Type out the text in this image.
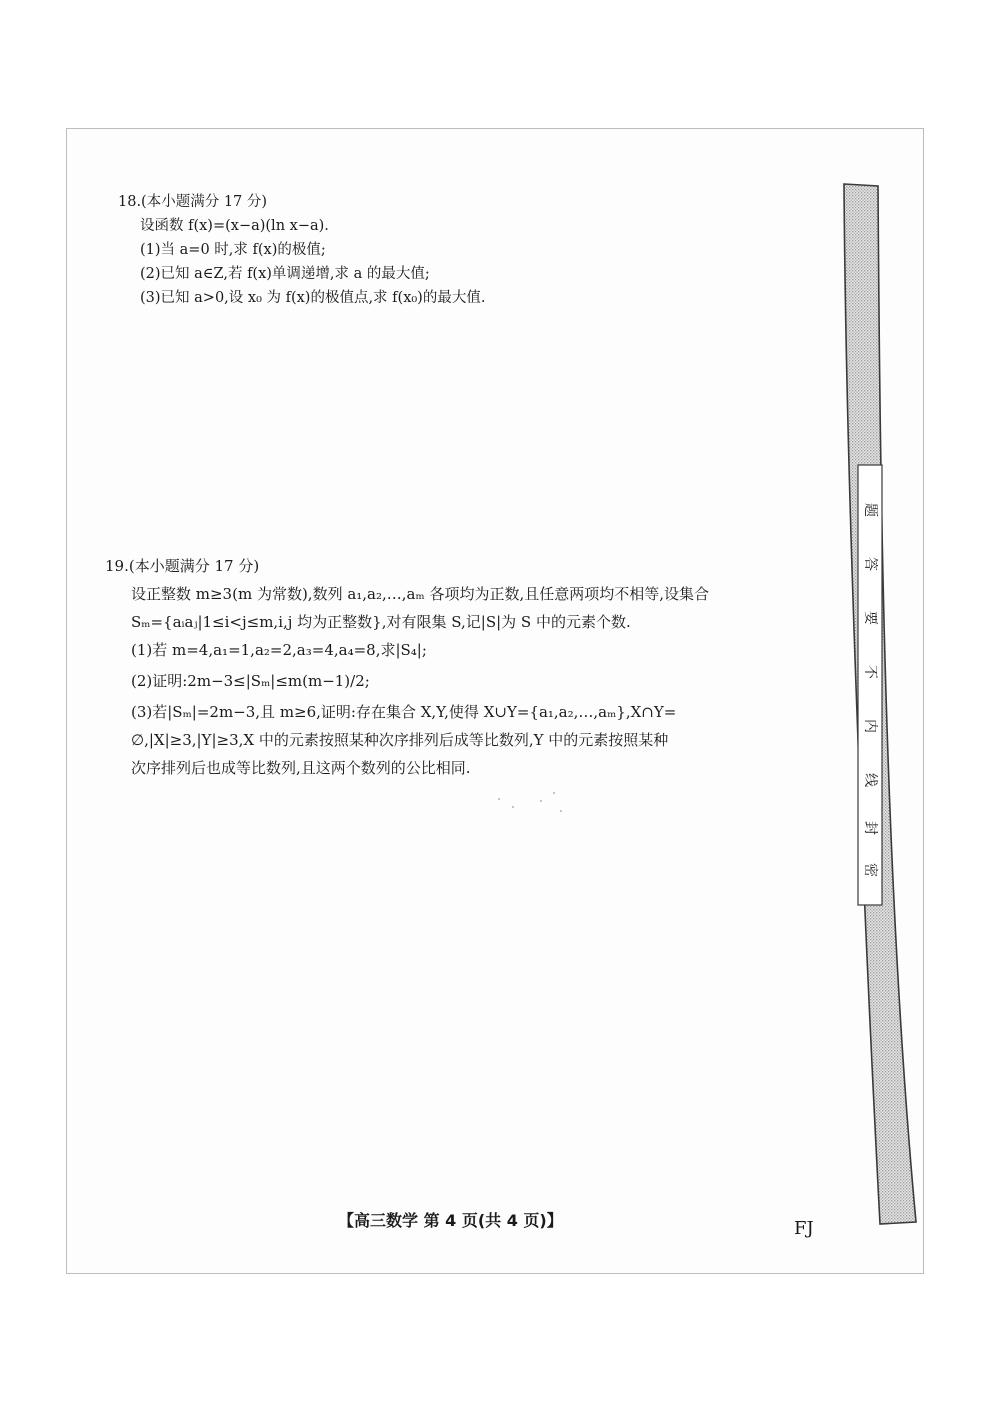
18.(本小题满分 17 分)
设函数 f(x)=(x−a)(ln x−a).
(1)当 a=0 时,求 f(x)的极值;
(2)已知 a∈Z,若 f(x)单调递增,求 a 的最大值;
(3)已知 a>0,设 x₀ 为 f(x)的极值点,求 f(x₀)的最大值.
19.(本小题满分 17 分)
设正整数 m≥3(m 为常数),数列 a₁,a₂,…,aₘ 各项均为正数,且任意两项均不相等,设集合
Sₘ={aᵢaⱼ|1≤i<j≤m,i,j 均为正整数},对有限集 S,记|S|为 S 中的元素个数.
(1)若 m=4,a₁=1,a₂=2,a₃=4,a₄=8,求|S₄|;
(2)证明:2m−3≤|Sₘ|≤m(m−1)/2;
(3)若|Sₘ|=2m−3,且 m≥6,证明:存在集合 X,Y,使得 X∪Y={a₁,a₂,…,aₘ},X∩Y=
∅,|X|≥3,|Y|≥3,X 中的元素按照某种次序排列后成等比数列,Y 中的元素按照某种
次序排列后也成等比数列,且这两个数列的公比相同.
题
答
要
不
内
线
封
密
【高三数学 第 4 页(共 4 页)】	FJ
